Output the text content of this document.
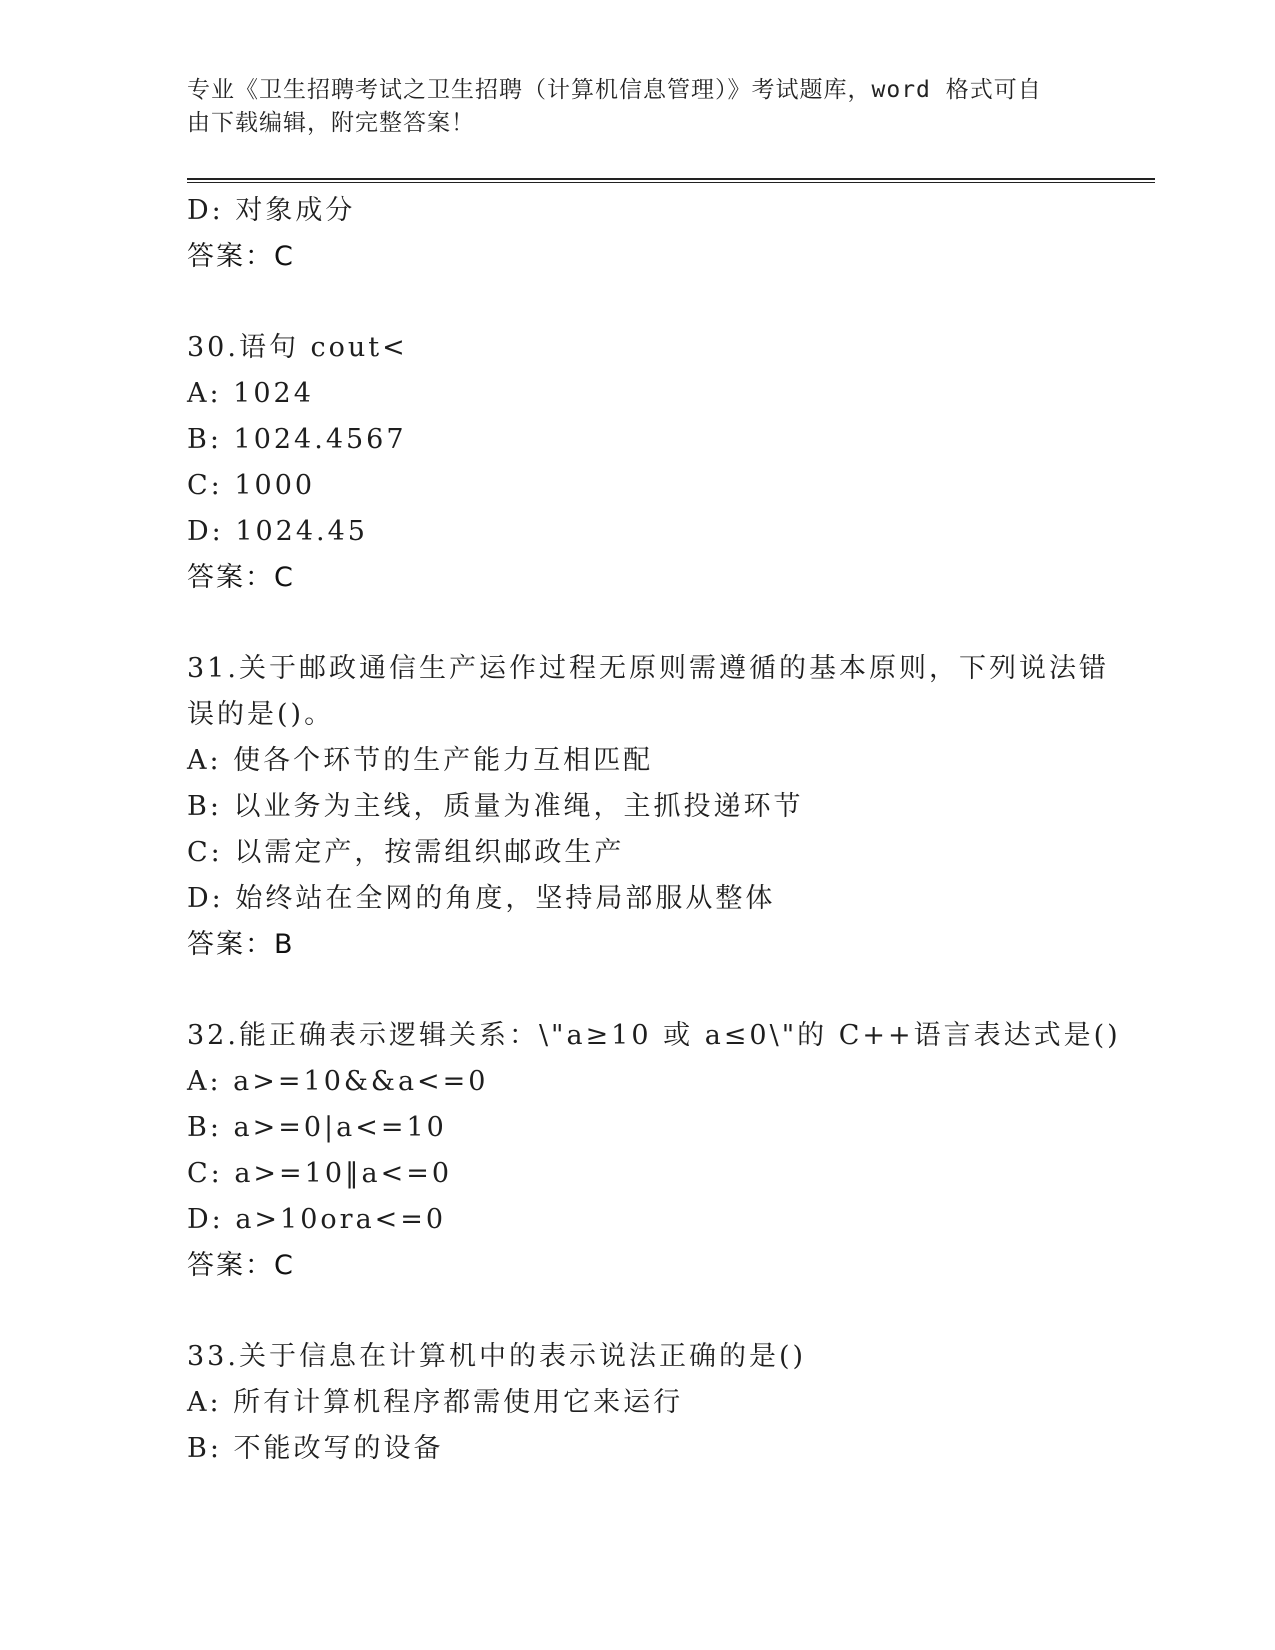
专业《卫生招聘考试之卫生招聘（计算机信息管理）》考试题库，word 格式可自
由下载编辑，附完整答案！
D: 对象成分
答案：C
30.语句 cout<
A: 1024
B: 1024.4567
C: 1000
D: 1024.45
答案：C
31.关于邮政通信生产运作过程无原则需遵循的基本原则，下列说法错
误的是()。
A: 使各个环节的生产能力互相匹配
B: 以业务为主线，质量为准绳，主抓投递环节
C: 以需定产，按需组织邮政生产
D: 始终站在全网的角度，坚持局部服从整体
答案：B
32.能正确表示逻辑关系：\"a≥10 或 a≤0\"的 C++语言表达式是()
A: a>=10&&a<=0
B: a>=0|a<=10
C: a>=10‖a<=0
D: a>10ora<=0
答案：C
33.关于信息在计算机中的表示说法正确的是()
A: 所有计算机程序都需使用它来运行
B: 不能改写的设备
